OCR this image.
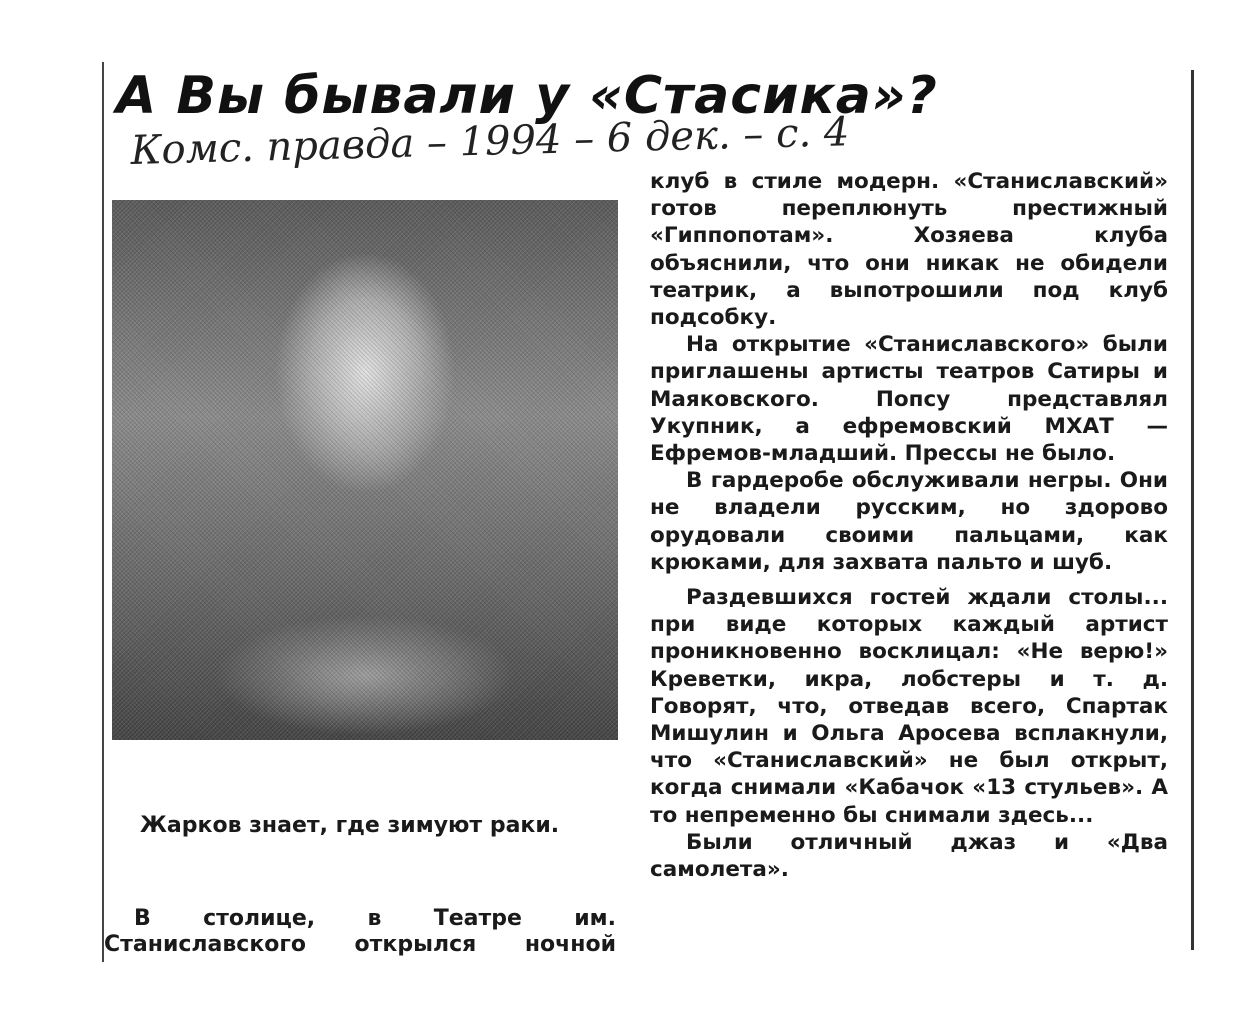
А Вы бывали у «Стасика»?
Комс. правда – 1994 – 6 дек. – с. 4

Жарков знает, где зимуют раки.

В столице, в Театре им. Станиславского открылся ночной

клуб в стиле модерн. «Станиславский» готов переплюнуть престижный «Гиппопотам». Хозяева клуба объяснили, что они никак не обидели театрик, а выпотрошили под клуб подсобку.

На открытие «Станиславского» были приглашены артисты театров Сатиры и Маяковского. Попсу представлял Укупник, а ефремовский МХАТ — Ефремов-младший. Прессы не было.

В гардеробе обслуживали негры. Они не владели русским, но здорово орудовали своими пальцами, как крюками, для захвата пальто и шуб.

Раздевшихся гостей ждали столы... при виде которых каждый артист проникновенно восклицал: «Не верю!» Креветки, икра, лобстеры и т. д. Говорят, что, отведав всего, Спартак Мишулин и Ольга Аросева всплакнули, что «Станиславский» не был открыт, когда снимали «Кабачок «13 стульев». А то непременно бы снимали здесь...

Были отличный джаз и «Два самолета».
